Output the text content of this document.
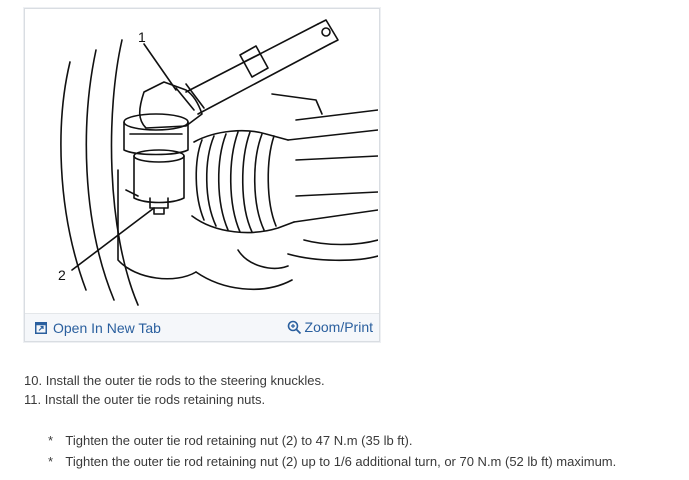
1
2
Open In New Tab	Zoom/Print
10. Install the outer tie rods to the steering knuckles.
11. Install the outer tie rods retaining nuts.
* Tighten the outer tie rod retaining nut (2) to 47 N.m (35 lb ft).
* Tighten the outer tie rod retaining nut (2) up to 1/6 additional turn, or 70 N.m (52 lb ft) maximum.
